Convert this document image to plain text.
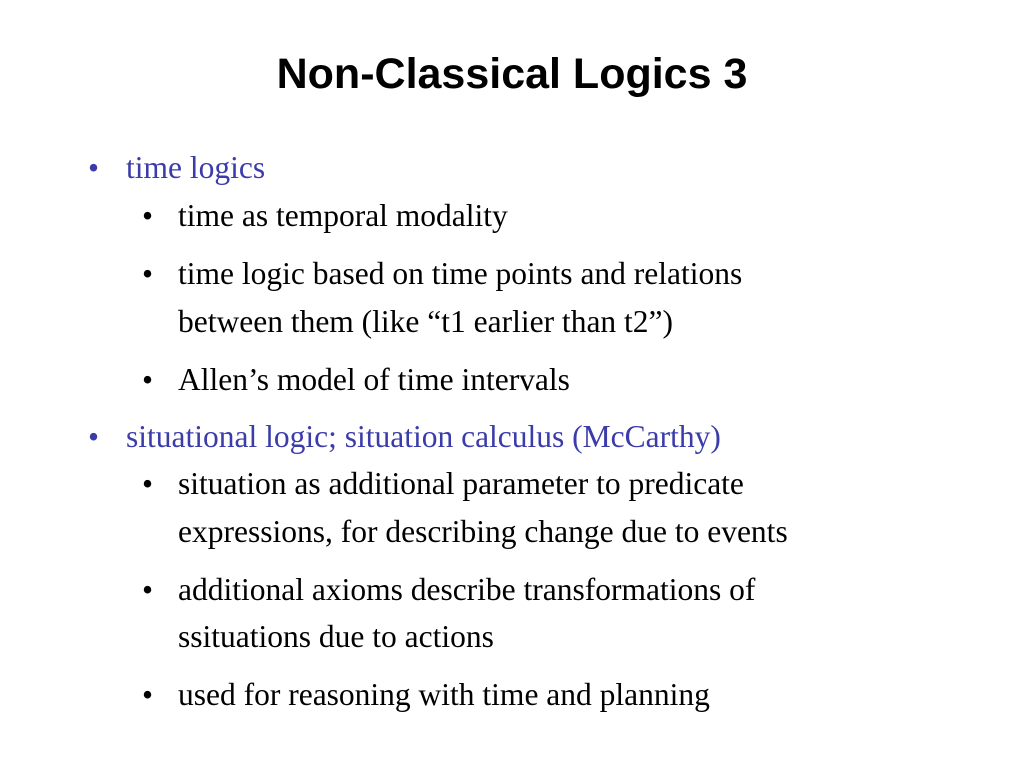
Non-Classical Logics 3
• time logics
• time as temporal modality
• time logic based on time points and relations
between them (like “t1 earlier than t2”)
• Allen’s model of time intervals
• situational logic; situation calculus (McCarthy)
• situation as additional parameter to predicate
expressions, for describing change due to events
• additional axioms describe transformations of
ssituations due to actions
• used for reasoning with time and planning
